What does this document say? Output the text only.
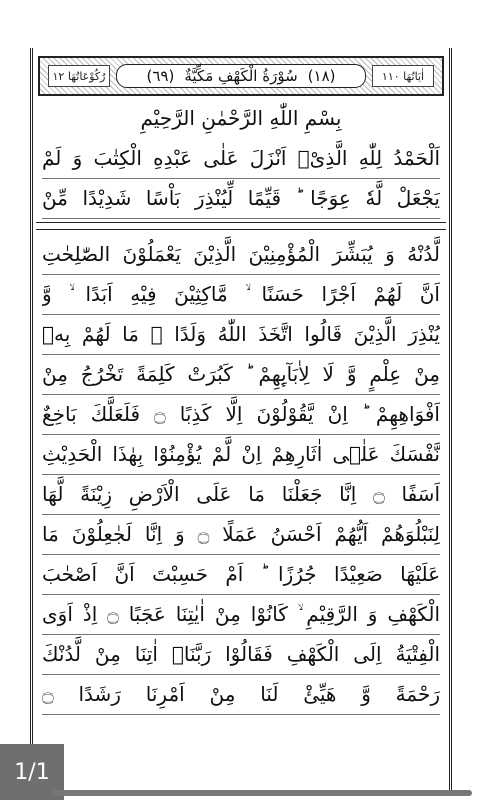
رُكُوْعَاتُهَا ١٢	(١٨)
سُوْرَةُ الْكَهْفِ مَكِّيَّةٌ
(٦٩)	اٰيَاتُهَا ١١٠
بِسْمِ اللّٰهِ الرَّحْمٰنِ الرَّحِيْمِ
اَلْحَمْدُ لِلّٰهِ الَّذِیْۤ اَنْزَلَ عَلٰى عَبْدِهِ الْكِتٰبَ وَ لَمْ
یَجْعَلْ لَّهٗ عِوَجًا ؕ قَیِّمًا لِّیُنْذِرَ بَاْسًا شَدِیْدًا مِّنْ
لَّدُنْهُ وَ یُبَشِّرَ الْمُؤْمِنِیْنَ الَّذِیْنَ یَعْمَلُوْنَ الصّٰلِحٰتِ
اَنَّ لَهُمْ اَجْرًا حَسَنًا ۙ مَّاكِثِیْنَ فِیْهِ اَبَدًا ۙ وَّ
یُنْذِرَ الَّذِیْنَ قَالُوا اتَّخَذَ اللّٰهُ وَلَدًا ۗ مَا لَهُمْ بِهٖ
مِنْ عِلْمٍ وَّ لَا لِاٰبَآىِٕهِمْ ؕ كَبُرَتْ كَلِمَةً تَخْرُجُ مِنْ
اَفْوَاهِهِمْ ؕ اِنْ یَّقُوْلُوْنَ اِلَّا كَذِبًا ۝ فَلَعَلَّكَ بَاخِعٌ
نَّفْسَكَ عَلٰۤى اٰثَارِهِمْ اِنْ لَّمْ یُؤْمِنُوْا بِهٰذَا الْحَدِیْثِ
اَسَفًا ۝ اِنَّا جَعَلْنَا مَا عَلَى الْاَرْضِ زِیْنَةً لَّهَا
لِنَبْلُوَهُمْ اَیُّهُمْ اَحْسَنُ عَمَلًا ۝ وَ اِنَّا لَجٰعِلُوْنَ مَا
عَلَیْهَا صَعِیْدًا جُرُزًا ؕ اَمْ حَسِبْتَ اَنَّ اَصْحٰبَ
الْكَهْفِ وَ الرَّقِیْمِ ۙ كَانُوْا مِنْ اٰیٰتِنَا عَجَبًا ۝ اِذْ اَوَى
الْفِتْیَةُ اِلَى الْكَهْفِ فَقَالُوْا رَبَّنَاۤ اٰتِنَا مِنْ لَّدُنْكَ
رَحْمَةً وَّ هَیِّئْ لَنَا مِنْ اَمْرِنَا رَشَدًا ۝
1/1
